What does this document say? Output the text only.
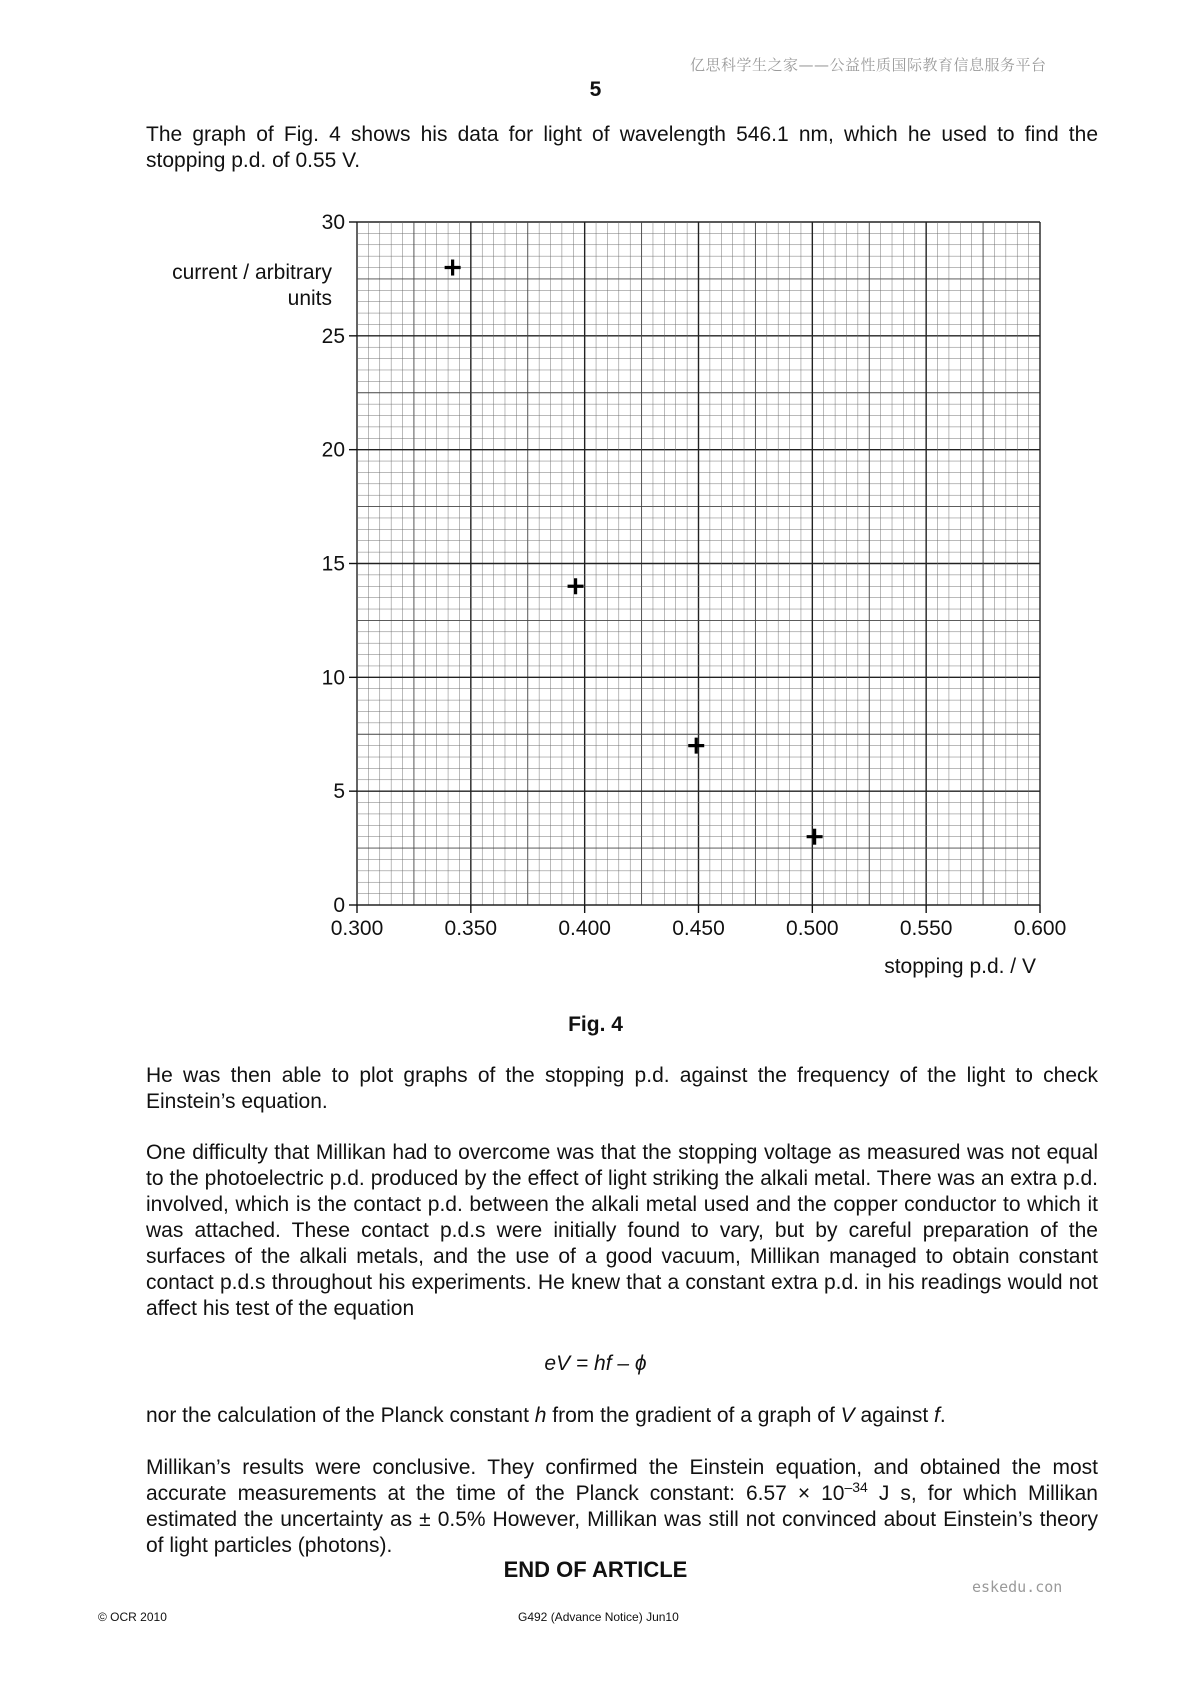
亿思科学生之家——公益性质国际教育信息服务平台
5

The graph of Fig. 4 shows his data for light of wavelength 546.1 nm, which he used to find the stopping p.d. of 0.55 V.

0.300	0.350	0.400	0.450	0.500	0.550	0.600
0
5
10
15
20
25
30
current / arbitrary
units
stopping p.d. / V
Fig. 4

He was then able to plot graphs of the stopping p.d. against the frequency of the light to check Einstein’s equation.

One difficulty that Millikan had to overcome was that the stopping voltage as measured was not equal to the photoelectric p.d. produced by the effect of light striking the alkali metal. There was an extra p.d. involved, which is the contact p.d. between the alkali metal used and the copper conductor to which it was attached. These contact p.d.s were initially found to vary, but by careful preparation of the surfaces of the alkali metals, and the use of a good vacuum, Millikan managed to obtain constant contact p.d.s throughout his experiments. He knew that a constant extra p.d. in his readings would not affect his test of the equation

eV = hf – ϕ

nor the calculation of the Planck constant h from the gradient of a graph of V against f.

Millikan’s results were conclusive. They confirmed the Einstein equation, and obtained the most accurate measurements at the time of the Planck constant: $6.57 \times 10^{-34}$ J s, for which Millikan estimated the uncertainty as ± 0.5% However, Millikan was still not convinced about Einstein’s theory of light particles (photons).

END OF ARTICLE
eskedu.con
© OCR 2010	G492 (Advance Notice) Jun10
